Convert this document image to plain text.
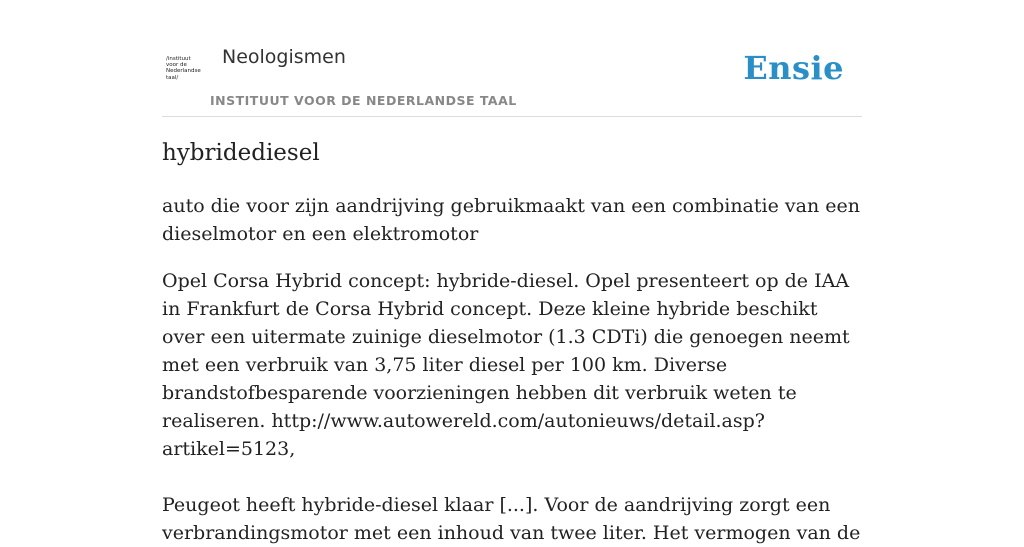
/instituut
voor de
Nederlandse
taal/
Neologismen
INSTITUUT VOOR DE NEDERLANDSE TAAL
Ensie
hybridediesel

auto die voor zijn aandrijving gebruikmaakt van een combinatie van een dieselmotor en een elektromotor

Opel Corsa Hybrid concept: hybride-diesel. Opel presenteert op de IAA in Frankfurt de Corsa Hybrid concept. Deze kleine hybride beschikt over een uitermate zuinige dieselmotor (1.3 CDTi) die genoegen neemt met een verbruik van 3,75 liter diesel per 100 km. Diverse brandstofbesparende voorzieningen hebben dit verbruik weten te realiseren. http://www.autowereld.com/autonieuws/detail.asp?artikel=5123,

Peugeot heeft hybride-diesel klaar [...]. Voor de aandrijving zorgt een verbrandingsmotor met een inhoud van twee liter. Het vermogen van de
